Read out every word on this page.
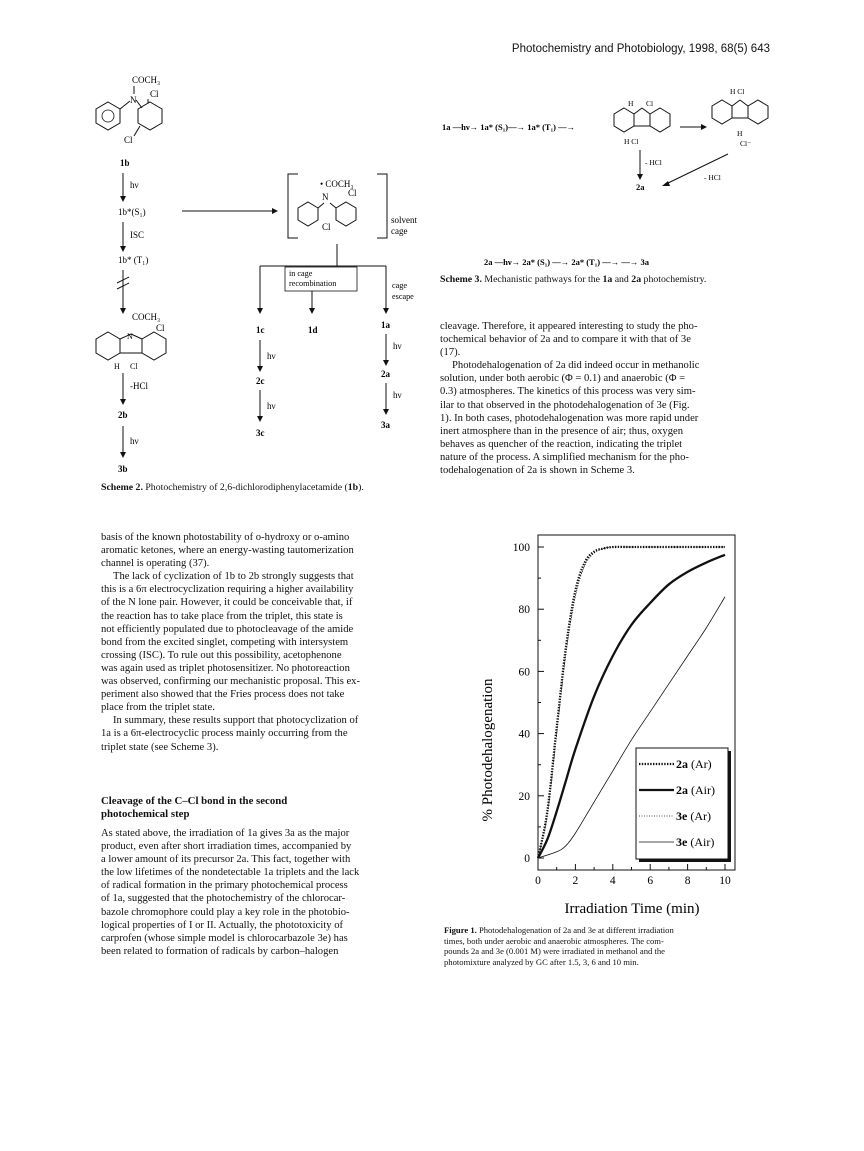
Photochemistry and Photobiology, 1998, 68(5) 643
COCH₃
N
Cl
Cl
1b
hν
1b*(S₁)
ISC
1b* (T₁)
• COCH₃
N Cl
Cl
solvent
cage
in cage
recombination	cage
escape
1c	1d	1a
hν
2c
hν
3c
hν
2a
hν
3a
COCH₃
Cl
N
H Cl
-HCl
2b
hν
3b
Scheme 2. Photochemistry of 2,6-dichlorodiphenylacetamide (1b).
1a —hν→ 1a* (S₁)—→ 1a* (T₁) —→
H Cl
H Cl
H Cl
H
Cl⁻
- HCl
2a
- HCl
2a —hν→ 2a* (S₁) —→ 2a* (T₁) —→ —→ 3a
Scheme 3. Mechanistic pathways for the 1a and 2a photochemistry.

cleavage. Therefore, it appeared interesting to study the pho-

tochemical behavior of 2a and to compare it with that of 3e

(17).

Photodehalogenation of 2a did indeed occur in methanolic

solution, under both aerobic (Φ = 0.1) and anaerobic (Φ =

0.3) atmospheres. The kinetics of this process was very sim-

ilar to that observed in the photodehalogenation of 3e (Fig.

1). In both cases, photodehalogenation was more rapid under

inert atmosphere than in the presence of air; thus, oxygen

behaves as quencher of the reaction, indicating the triplet

nature of the process. A simplified mechanism for the pho-

todehalogenation of 2a is shown in Scheme 3.

basis of the known photostability of o-hydroxy or o-amino

aromatic ketones, where an energy-wasting tautomerization

channel is operating (37).

The lack of cyclization of 1b to 2b strongly suggests that

this is a 6π electrocyclization requiring a higher availability

of the N lone pair. However, it could be conceivable that, if

the reaction has to take place from the triplet, this state is

not efficiently populated due to photocleavage of the amide

bond from the excited singlet, competing with intersystem

crossing (ISC). To rule out this possibility, acetophenone

was again used as triplet photosensitizer. No photoreaction

was observed, confirming our mechanistic proposal. This ex-

periment also showed that the Fries process does not take

place from the triplet state.

In summary, these results support that photocyclization of

1a is a 6π-electrocyclic process mainly occurring from the

triplet state (see Scheme 3).

Cleavage of the C–Cl bond in the second
photochemical step

As stated above, the irradiation of 1a gives 3a as the major

product, even after short irradiation times, accompanied by

a lower amount of its precursor 2a. This fact, together with

the low lifetimes of the nondetectable 1a triplets and the lack

of radical formation in the primary photochemical process

of 1a, suggested that the photochemistry of the chlorocar-

bazole chromophore could play a key role in the photobio-

logical properties of I or II. Actually, the phototoxicity of

carprofen (whose simple model is chlorocarbazole 3e) has

been related to formation of radicals by carbon–halogen

0
20
40
60
80
100
0	2	4	6	8	10
2a (Ar)
2a (Air)
3e (Ar)
3e (Air)
% Photodehalogenation
Irradiation Time (min)
Figure 1. Photodehalogenation of 2a and 3e at different irradiation
times, both under aerobic and anaerobic atmospheres. The com-
pounds 2a and 3e (0.001 M) were irradiated in methanol and the
photomixture analyzed by GC after 1.5, 3, 6 and 10 min.
